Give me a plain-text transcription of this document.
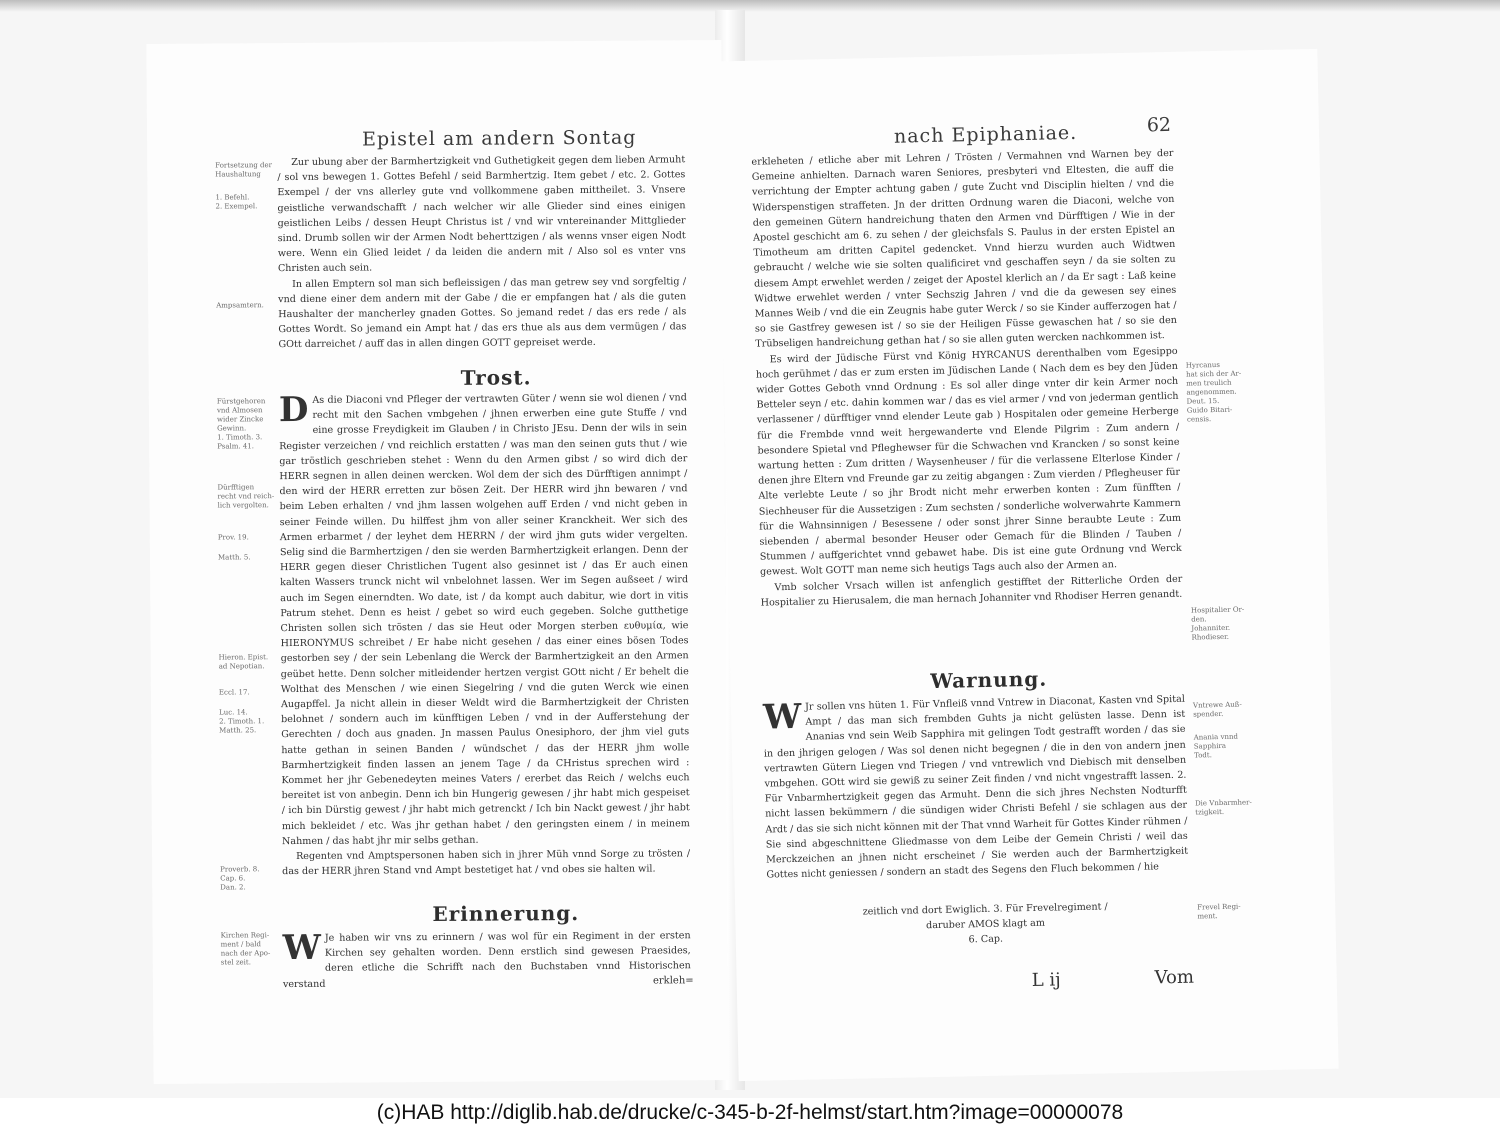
Epistel am andern Sontag

Zur ubung aber der Barmhertzigkeit vnd Guthetigkeit gegen dem lieben Armuht / sol vns bewegen 1. Gottes Befehl / seid Barmhertzig. Item gebet / etc. 2. Gottes Exempel / der vns allerley gute vnd vollkommene gaben mittheilet. 3. Vnsere geistliche verwandschafft / nach welcher wir alle Glieder sind eines einigen geistlichen Leibs / dessen Heupt Christus ist / vnd wir vntereinander Mittglieder sind. Drumb sollen wir der Armen Nodt beherttzigen / als wenns vnser eigen Nodt were. Wenn ein Glied leidet / da leiden die andern mit / Also sol es vnter vns Christen auch sein.

In allen Emptern sol man sich befleissigen / das man getrew sey vnd sorgfeltig / vnd diene einer dem andern mit der Gabe / die er empfangen hat / als die guten Haushalter der mancherley gnaden Gottes. So jemand redet / das ers rede / als Gottes Wordt. So jemand ein Ampt hat / das ers thue als aus dem vermügen / das GOtt darreichet / auff das in allen dingen GOTT gepreiset werde.

Trost.
D As die Diaconi vnd Pfleger der vertrawten Güter / wenn sie wol dienen / vnd recht mit den Sachen vmbgehen / jhnen erwerben eine gute Stuffe / vnd eine grosse Freydigkeit im Glauben / in Christo JEsu. Denn der wils in sein Register verzeichen / vnd reichlich erstatten / was man den seinen guts thut / wie gar tröstlich geschrieben stehet : Wenn du den Armen gibst / so wird dich der HERR segnen in allen deinen wercken. Wol dem der sich des Dürfftigen annimpt / den wird der HERR erretten zur bösen Zeit. Der HERR wird jhn bewaren / vnd beim Leben erhalten / vnd jhm lassen wolgehen auff Erden / vnd nicht geben in seiner Feinde willen. Du hilffest jhm von aller seiner Kranckheit. Wer sich des Armen erbarmet / der leyhet dem HERRN / der wird jhm guts wider vergelten. Selig sind die Barmhertzigen / den sie werden Barmhertzigkeit erlangen. Denn der HERR gegen dieser Christlichen Tugent also gesinnet ist / das Er auch einen kalten Wassers trunck nicht wil vnbelohnet lassen. Wer im Segen außseet / wird auch im Segen einerndten. Wo date, ist / da kompt auch dabitur, wie dort in vitis Patrum stehet. Denn es heist / gebet so wird euch gegeben. Solche gutthetige Christen sollen sich trösten / das sie Heut oder Morgen sterben ευθυμία, wie HIERONYMUS schreibet / Er habe nicht gesehen / das einer eines bösen Todes gestorben sey / der sein Lebenlang die Werck der Barmhertzigkeit an den Armen geübet hette. Denn solcher mitleidender hertzen vergist GOtt nicht / Er behelt die Wolthat des Menschen / wie einen Siegelring / vnd die guten Werck wie einen Augapffel. Ja nicht allein in dieser Weldt wird die Barmhertzigkeit der Christen belohnet / sondern auch im künfftigen Leben / vnd in der Aufferstehung der Gerechten / doch aus gnaden. Jn massen Paulus Onesiphoro, der jhm viel guts hatte gethan in seinen Banden / wündschet / das der HERR jhm wolle Barmhertzigkeit finden lassen an jenem Tage / da CHristus sprechen wird : Kommet her jhr Gebenedeyten meines Vaters / ererbet das Reich / welchs euch bereitet ist von anbegin. Denn ich bin Hungerig gewesen / jhr habt mich gespeiset / ich bin Dürstig gewest / jhr habt mich getrenckt / Ich bin Nackt gewest / jhr habt mich bekleidet / etc. Was jhr gethan habet / den geringsten einem / in meinem Nahmen / das habt jhr mir selbs gethan.

Regenten vnd Amptspersonen haben sich in jhrer Müh vnnd Sorge zu trösten / das der HERR jhren Stand vnd Ampt bestetiget hat / vnd obes sie halten wil.

Erinnerung.
W Je haben wir vns zu erinnern / was wol für ein Regiment in der ersten Kirchen sey gehalten worden. Denn erstlich sind gewesen Praesides, deren etliche die Schrifft nach den Buchstaben vnnd Historischen verstand	erkleh=
Fortsetzung der
Haushaltung
1. Befehl.
2. Exempel.
Ampsamtern.
Fürstgehoren
vnd Almosen
wider Zincke
Gewinn.
1. Timoth. 3.
Psalm. 41.
Dürfftigen
recht vnd reich-
lich vergolten.
Prov. 19.
Matth. 5.
Hieron. Epist.
ad Nepotian.
Eccl. 17.
Luc. 14.
2. Timoth. 1.
Matth. 25.
Proverb. 8.
Cap. 6.
Dan. 2.
Kirchen Regi-
ment / bald
nach der Apo-
stel zeit.
nach Epiphaniae.	62

erkleheten / etliche aber mit Lehren / Trösten / Vermahnen vnd Warnen bey der Gemeine anhielten. Darnach waren Seniores, presbyteri vnd Eltesten, die auff die verrichtung der Empter achtung gaben / gute Zucht vnd Disciplin hielten / vnd die Widerspenstigen straffeten. Jn der dritten Ordnung waren die Diaconi, welche von den gemeinen Gütern handreichung thaten den Armen vnd Dürfftigen / Wie in der Apostel geschicht am 6. zu sehen / der gleichsfals S. Paulus in der ersten Epistel an Timotheum am dritten Capitel gedencket. Vnnd hierzu wurden auch Widtwen gebraucht / welche wie sie solten qualificiret vnd geschaffen seyn / da sie solten zu diesem Ampt erwehlet werden / zeiget der Apostel klerlich an / da Er sagt : Laß keine Widtwe erwehlet werden / vnter Sechszig Jahren / vnd die da gewesen sey eines Mannes Weib / vnd die ein Zeugnis habe guter Werck / so sie Kinder aufferzogen hat / so sie Gastfrey gewesen ist / so sie der Heiligen Füsse gewaschen hat / so sie den Trübseligen handreichung gethan hat / so sie allen guten wercken nachkommen ist.

Es wird der Jüdische Fürst vnd König HYRCANUS derenthalben vom Egesippo hoch gerühmet / das er zum ersten im Jüdischen Lande ( Nach dem es bey den Jüden wider Gottes Geboth vnnd Ordnung : Es sol aller dinge vnter dir kein Armer noch Betteler seyn / etc. dahin kommen war / das es viel armer / vnd von jederman gentlich verlassener / dürfftiger vnnd elender Leute gab ) Hospitalen oder gemeine Herberge für die Frembde vnnd weit hergewanderte vnd Elende Pilgrim : Zum andern / besondere Spietal vnd Pfleghewser für die Schwachen vnd Krancken / so sonst keine wartung hetten : Zum dritten / Waysenheuser / für die verlassene Elterlose Kinder / denen jhre Eltern vnd Freunde gar zu zeitig abgangen : Zum vierden / Pflegheuser für Alte verlebte Leute / so jhr Brodt nicht mehr erwerben konten : Zum fünfften / Siechheuser für die Aussetzigen : Zum sechsten / sonderliche wolverwahrte Kammern für die Wahnsinnigen / Besessene / oder sonst jhrer Sinne beraubte Leute : Zum siebenden / abermal besonder Heuser oder Gemach für die Blinden / Tauben / Stummen / auffgerichtet vnnd gebawet habe. Dis ist eine gute Ordnung vnd Werck gewest. Wolt GOTT man neme sich heutigs Tags auch also der Armen an.

Vmb solcher Vrsach willen ist anfenglich gestifftet der Ritterliche Orden der Hospitalier zu Hierusalem, die man hernach Johanniter vnd Rhodiser Herren genandt.

Warnung.
W Jr sollen vns hüten 1. Für Vnfleiß vnnd Vntrew in Diaconat, Kasten vnd Spital Ampt / das man sich frembden Guhts ja nicht gelüsten lasse. Denn ist Ananias vnd sein Weib Sapphira mit gelingen Todt gestrafft worden / das sie in den jhrigen gelogen / Was sol denen nicht begegnen / die in den von andern jnen vertrawten Gütern Liegen vnd Triegen / vnd vntrewlich vnd Diebisch mit denselben vmbgehen. GOtt wird sie gewiß zu seiner Zeit finden / vnd nicht vngestrafft lassen. 2. Für Vnbarmhertzigkeit gegen das Armuht. Denn die sich jhres Nechsten Nodturfft nicht lassen bekümmern / die sündigen wider Christi Befehl / sie schlagen aus der Ardt / das sie sich nicht können mit der That vnnd Warheit für Gottes Kinder rühmen / Sie sind abgeschnittene Gliedmasse von dem Leibe der Gemein Christi / weil das Merckzeichen an jhnen nicht erscheinet / Sie werden auch der Barmhertzigkeit Gottes nicht geniessen / sondern an stadt des Segens den Fluch bekommen / hie

zeitlich vnd dort Ewiglich. 3. Für Frevelregiment /
daruber AMOS klagt am
6. Cap.
L ij	Vom
Hyrcanus
hat sich der Ar-
men treulich
angenommen.
Deut. 15.
Guido Bitari-
censis.
Hospitalier Or-
den.
Johanniter.
Rhodieser.
Vntrewe Auß-
spender.
Anania vnnd
Sapphira
Todt.
Die Vnbarmher-
tzigkeit.
Frevel Regi-
ment.
(c)HAB http://diglib.hab.de/drucke/c-345-b-2f-helmst/start.htm?image=00000078
